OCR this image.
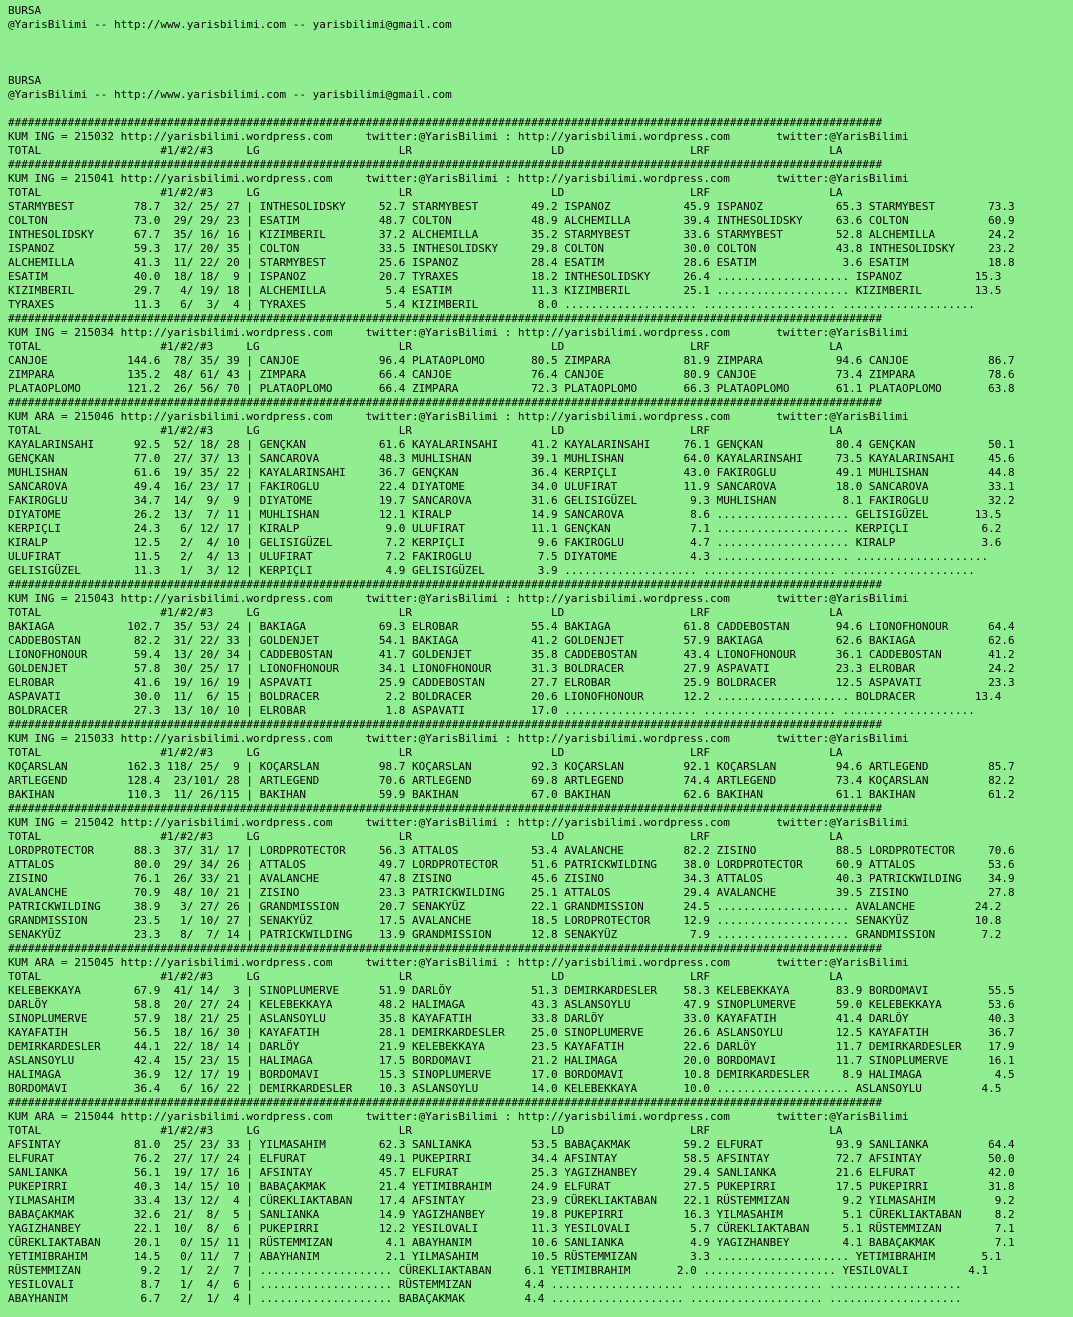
BURSA
@YarisBilimi -- http://www.yarisbilimi.com -- yarisbilimi@gmail.com
BURSA
@YarisBilimi -- http://www.yarisbilimi.com -- yarisbilimi@gmail.com
####################################################################################################################################
KUM ING = 215032 http://yarisbilimi.wordpress.com     twitter:@YarisBilimi : http://yarisbilimi.wordpress.com       twitter:@YarisBilimi
TOTAL                  #1/#2/#3     LG                     LR                     LD                   LRF                  LA
####################################################################################################################################
KUM ING = 215041 http://yarisbilimi.wordpress.com     twitter:@YarisBilimi : http://yarisbilimi.wordpress.com       twitter:@YarisBilimi
TOTAL                  #1/#2/#3     LG                     LR                     LD                   LRF                  LA
STARMYBEST         78.7  32/ 25/ 27 | INTHESOLIDSKY     52.7 STARMYBEST        49.2 ISPANOZ           45.9 ISPANOZ           65.3 STARMYBEST        73.3
COLTON             73.0  29/ 29/ 23 | ESATIM            48.7 COLTON            48.9 ALCHEMILLA        39.4 INTHESOLIDSKY     63.6 COLTON            60.9
INTHESOLIDSKY      67.7  35/ 16/ 16 | KIZIMBERIL        37.2 ALCHEMILLA        35.2 STARMYBEST        33.6 STARMYBEST        52.8 ALCHEMILLA        24.2
ISPANOZ            59.3  17/ 20/ 35 | COLTON            33.5 INTHESOLIDSKY     29.8 COLTON            30.0 COLTON            43.8 INTHESOLIDSKY     23.2
ALCHEMILLA         41.3  11/ 22/ 20 | STARMYBEST        25.6 ISPANOZ           28.4 ESATIM            28.6 ESATIM             3.6 ESATIM            18.8
ESATIM             40.0  18/ 18/  9 | ISPANOZ           20.7 TYRAXES           18.2 INTHESOLIDSKY     26.4 .................... ISPANOZ           15.3
KIZIMBERIL         29.7   4/ 19/ 18 | ALCHEMILLA         5.4 ESATIM            11.3 KIZIMBERIL        25.1 .................... KIZIMBERIL        13.5
TYRAXES            11.3   6/  3/  4 | TYRAXES            5.4 KIZIMBERIL         8.0 .................... .................... ....................
####################################################################################################################################
KUM ING = 215034 http://yarisbilimi.wordpress.com     twitter:@YarisBilimi : http://yarisbilimi.wordpress.com       twitter:@YarisBilimi
TOTAL                  #1/#2/#3     LG                     LR                     LD                   LRF                  LA
CANJOE            144.6  78/ 35/ 39 | CANJOE            96.4 PLATAOPLOMO       80.5 ZIMPARA           81.9 ZIMPARA           94.6 CANJOE            86.7
ZIMPARA           135.2  48/ 61/ 43 | ZIMPARA           66.4 CANJOE            76.4 CANJOE            80.9 CANJOE            73.4 ZIMPARA           78.6
PLATAOPLOMO       121.2  26/ 56/ 70 | PLATAOPLOMO       66.4 ZIMPARA           72.3 PLATAOPLOMO       66.3 PLATAOPLOMO       61.1 PLATAOPLOMO       63.8
####################################################################################################################################
KUM ARA = 215046 http://yarisbilimi.wordpress.com     twitter:@YarisBilimi : http://yarisbilimi.wordpress.com       twitter:@YarisBilimi
TOTAL                  #1/#2/#3     LG                     LR                     LD                   LRF                  LA
KAYALARINSAHI      92.5  52/ 18/ 28 | GENÇKAN           61.6 KAYALARINSAHI     41.2 KAYALARINSAHI     76.1 GENÇKAN           80.4 GENÇKAN           50.1
GENÇKAN            77.0  27/ 37/ 13 | SANCAROVA         48.3 MUHLISHAN         39.1 MUHLISHAN         64.0 KAYALARINSAHI     73.5 KAYALARINSAHI     45.6
MUHLISHAN          61.6  19/ 35/ 22 | KAYALARINSAHI     36.7 GENÇKAN           36.4 KERPIÇLI          43.0 FAKIROGLU         49.1 MUHLISHAN         44.8
SANCAROVA          49.4  16/ 23/ 17 | FAKIROGLU         22.4 DIYATOME          34.0 ULUFIRAT          11.9 SANCAROVA         18.0 SANCAROVA         33.1
FAKIROGLU          34.7  14/  9/  9 | DIYATOME          19.7 SANCAROVA         31.6 GELISIGÜZEL        9.3 MUHLISHAN          8.1 FAKIROGLU         32.2
DIYATOME           26.2  13/  7/ 11 | MUHLISHAN         12.1 KIRALP            14.9 SANCAROVA          8.6 .................... GELISIGÜZEL       13.5
KERPIÇLI           24.3   6/ 12/ 17 | KIRALP             9.0 ULUFIRAT          11.1 GENÇKAN            7.1 .................... KERPIÇLI           6.2
KIRALP             12.5   2/  4/ 10 | GELISIGÜZEL        7.2 KERPIÇLI           9.6 FAKIROGLU          4.7 .................... KIRALP             3.6
ULUFIRAT           11.5   2/  4/ 13 | ULUFIRAT           7.2 FAKIROGLU          7.5 DIYATOME           4.3 .................... ....................
GELISIGÜZEL        11.3   1/  3/ 12 | KERPIÇLI           4.9 GELISIGÜZEL        3.9 .................... .................... ....................
####################################################################################################################################
KUM ING = 215043 http://yarisbilimi.wordpress.com     twitter:@YarisBilimi : http://yarisbilimi.wordpress.com       twitter:@YarisBilimi
TOTAL                  #1/#2/#3     LG                     LR                     LD                   LRF                  LA
BAKIAGA           102.7  35/ 53/ 24 | BAKIAGA           69.3 ELROBAR           55.4 BAKIAGA           61.8 CADDEBOSTAN       94.6 LIONOFHONOUR      64.4
CADDEBOSTAN        82.2  31/ 22/ 33 | GOLDENJET         54.1 BAKIAGA           41.2 GOLDENJET         57.9 BAKIAGA           62.6 BAKIAGA           62.6
LIONOFHONOUR       59.4  13/ 20/ 34 | CADDEBOSTAN       41.7 GOLDENJET         35.8 CADDEBOSTAN       43.4 LIONOFHONOUR      36.1 CADDEBOSTAN       41.2
GOLDENJET          57.8  30/ 25/ 17 | LIONOFHONOUR      34.1 LIONOFHONOUR      31.3 BOLDRACER         27.9 ASPAVATI          23.3 ELROBAR           24.2
ELROBAR            41.6  19/ 16/ 19 | ASPAVATI          25.9 CADDEBOSTAN       27.7 ELROBAR           25.9 BOLDRACER         12.5 ASPAVATI          23.3
ASPAVATI           30.0  11/  6/ 15 | BOLDRACER          2.2 BOLDRACER         20.6 LIONOFHONOUR      12.2 .................... BOLDRACER         13.4
BOLDRACER          27.3  13/ 10/ 10 | ELROBAR            1.8 ASPAVATI          17.0 .................... .................... ....................
####################################################################################################################################
KUM ING = 215033 http://yarisbilimi.wordpress.com     twitter:@YarisBilimi : http://yarisbilimi.wordpress.com       twitter:@YarisBilimi
TOTAL                  #1/#2/#3     LG                     LR                     LD                   LRF                  LA
KOÇARSLAN         162.3 118/ 25/  9 | KOÇARSLAN         98.7 KOÇARSLAN         92.3 KOÇARSLAN         92.1 KOÇARSLAN         94.6 ARTLEGEND         85.7
ARTLEGEND         128.4  23/101/ 28 | ARTLEGEND         70.6 ARTLEGEND         69.8 ARTLEGEND         74.4 ARTLEGEND         73.4 KOÇARSLAN         82.2
BAKIHAN           110.3  11/ 26/115 | BAKIHAN           59.9 BAKIHAN           67.0 BAKIHAN           62.6 BAKIHAN           61.1 BAKIHAN           61.2
####################################################################################################################################
KUM ING = 215042 http://yarisbilimi.wordpress.com     twitter:@YarisBilimi : http://yarisbilimi.wordpress.com       twitter:@YarisBilimi
TOTAL                  #1/#2/#3     LG                     LR                     LD                   LRF                  LA
LORDPROTECTOR      88.3  37/ 31/ 17 | LORDPROTECTOR     56.3 ATTALOS           53.4 AVALANCHE         82.2 ZISINO            88.5 LORDPROTECTOR     70.6
ATTALOS            80.0  29/ 34/ 26 | ATTALOS           49.7 LORDPROTECTOR     51.6 PATRICKWILDING    38.0 LORDPROTECTOR     60.9 ATTALOS           53.6
ZISINO             76.1  26/ 33/ 21 | AVALANCHE         47.8 ZISINO            45.6 ZISINO            34.3 ATTALOS           40.3 PATRICKWILDING    34.9
AVALANCHE          70.9  48/ 10/ 21 | ZISINO            23.3 PATRICKWILDING    25.1 ATTALOS           29.4 AVALANCHE         39.5 ZISINO            27.8
PATRICKWILDING     38.9   3/ 27/ 26 | GRANDMISSION      20.7 SENAKYÜZ          22.1 GRANDMISSION      24.5 .................... AVALANCHE         24.2
GRANDMISSION       23.5   1/ 10/ 27 | SENAKYÜZ          17.5 AVALANCHE         18.5 LORDPROTECTOR     12.9 .................... SENAKYÜZ          10.8
SENAKYÜZ           23.3   8/  7/ 14 | PATRICKWILDING    13.9 GRANDMISSION      12.8 SENAKYÜZ           7.9 .................... GRANDMISSION       7.2
####################################################################################################################################
KUM ARA = 215045 http://yarisbilimi.wordpress.com     twitter:@YarisBilimi : http://yarisbilimi.wordpress.com       twitter:@YarisBilimi
TOTAL                  #1/#2/#3     LG                     LR                     LD                   LRF                  LA
KELEBEKKAYA        67.9  41/ 14/  3 | SINOPLUMERVE      51.9 DARLÖY            51.3 DEMIRKARDESLER    58.3 KELEBEKKAYA       83.9 BORDOMAVI         55.5
DARLÖY             58.8  20/ 27/ 24 | KELEBEKKAYA       48.2 HALIMAGA          43.3 ASLANSOYLU        47.9 SINOPLUMERVE      59.0 KELEBEKKAYA       53.6
SINOPLUMERVE       57.9  18/ 21/ 25 | ASLANSOYLU        35.8 KAYAFATIH         33.8 DARLÖY            33.0 KAYAFATIH         41.4 DARLÖY            40.3
KAYAFATIH          56.5  18/ 16/ 30 | KAYAFATIH         28.1 DEMIRKARDESLER    25.0 SINOPLUMERVE      26.6 ASLANSOYLU        12.5 KAYAFATIH         36.7
DEMIRKARDESLER     44.1  22/ 18/ 14 | DARLÖY            21.9 KELEBEKKAYA       23.5 KAYAFATIH         22.6 DARLÖY            11.7 DEMIRKARDESLER    17.9
ASLANSOYLU         42.4  15/ 23/ 15 | HALIMAGA          17.5 BORDOMAVI         21.2 HALIMAGA          20.0 BORDOMAVI         11.7 SINOPLUMERVE      16.1
HALIMAGA           36.9  12/ 17/ 19 | BORDOMAVI         15.3 SINOPLUMERVE      17.0 BORDOMAVI         10.8 DEMIRKARDESLER     8.9 HALIMAGA           4.5
BORDOMAVI          36.4   6/ 16/ 22 | DEMIRKARDESLER    10.3 ASLANSOYLU        14.0 KELEBEKKAYA       10.0 .................... ASLANSOYLU         4.5
####################################################################################################################################
KUM ARA = 215044 http://yarisbilimi.wordpress.com     twitter:@YarisBilimi : http://yarisbilimi.wordpress.com       twitter:@YarisBilimi
TOTAL                  #1/#2/#3     LG                     LR                     LD                   LRF                  LA
AFSINTAY           81.0  25/ 23/ 33 | YILMASAHIM        62.3 SANLIANKA         53.5 BABAÇAKMAK        59.2 ELFURAT           93.9 SANLIANKA         64.4
ELFURAT            76.2  27/ 17/ 24 | ELFURAT           49.1 PUKEPIRRI         34.4 AFSINTAY          58.5 AFSINTAY          72.7 AFSINTAY          50.0
SANLIANKA          56.1  19/ 17/ 16 | AFSINTAY          45.7 ELFURAT           25.3 YAGIZHANBEY       29.4 SANLIANKA         21.6 ELFURAT           42.0
PUKEPIRRI          40.3  14/ 15/ 10 | BABAÇAKMAK        21.4 YETIMIBRAHIM      24.9 ELFURAT           27.5 PUKEPIRRI         17.5 PUKEPIRRI         31.8
YILMASAHIM         33.4  13/ 12/  4 | CÜREKLIAKTABAN    17.4 AFSINTAY          23.9 CÜREKLIAKTABAN    22.1 RÜSTEMMIZAN        9.2 YILMASAHIM         9.2
BABAÇAKMAK         32.6  21/  8/  5 | SANLIANKA         14.9 YAGIZHANBEY       19.8 PUKEPIRRI         16.3 YILMASAHIM         5.1 CÜREKLIAKTABAN     8.2
YAGIZHANBEY        22.1  10/  8/  6 | PUKEPIRRI         12.2 YESILOVALI        11.3 YESILOVALI         5.7 CÜREKLIAKTABAN     5.1 RÜSTEMMIZAN        7.1
CÜREKLIAKTABAN     20.1   0/ 15/ 11 | RÜSTEMMIZAN        4.1 ABAYHANIM         10.6 SANLIANKA          4.9 YAGIZHANBEY        4.1 BABAÇAKMAK         7.1
YETIMIBRAHIM       14.5   0/ 11/  7 | ABAYHANIM          2.1 YILMASAHIM        10.5 RÜSTEMMIZAN        3.3 .................... YETIMIBRAHIM       5.1
RÜSTEMMIZAN         9.2   1/  2/  7 | .................... CÜREKLIAKTABAN     6.1 YETIMIBRAHIM       2.0 .................... YESILOVALI         4.1
YESILOVALI          8.7   1/  4/  6 | .................... RÜSTEMMIZAN        4.4 .................... .................... ....................
ABAYHANIM           6.7   2/  1/  4 | .................... BABAÇAKMAK         4.4 .................... .................... ....................
